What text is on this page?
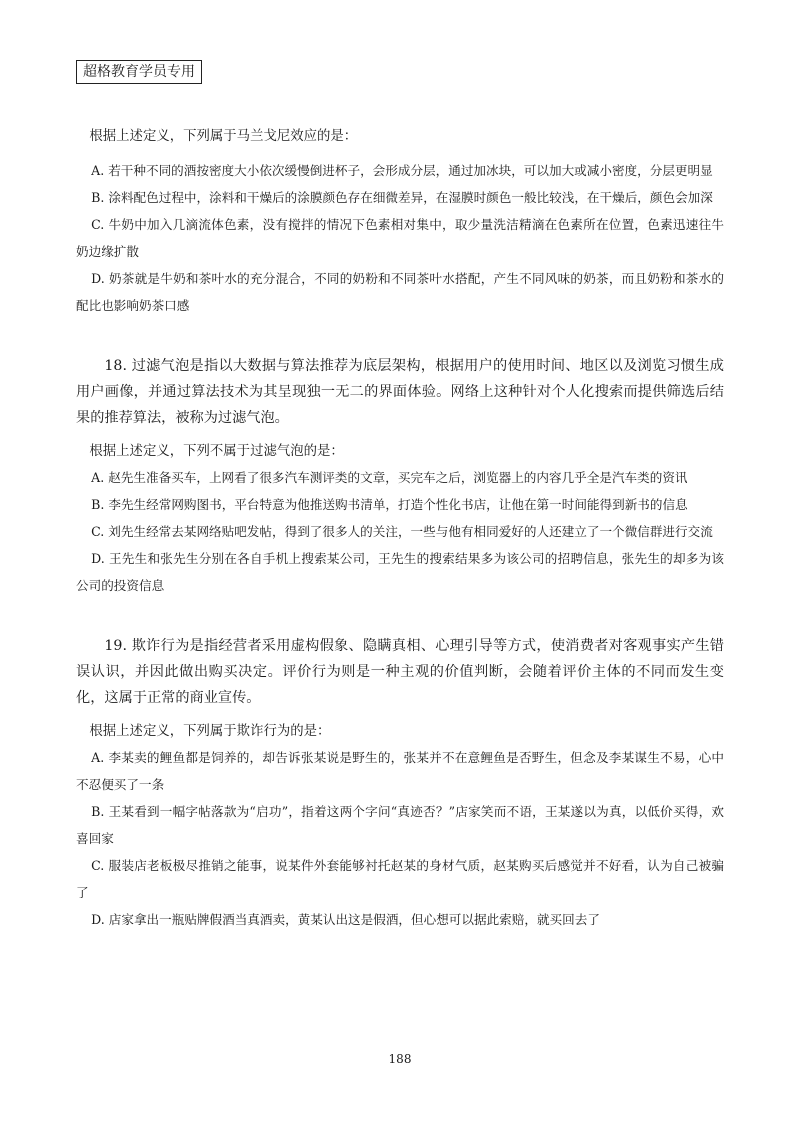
超格教育学员专用

根据上述定义，下列属于马兰戈尼效应的是：

A. 若干种不同的酒按密度大小依次缓慢倒进杯子，会形成分层，通过加冰块，可以加大或减小密度，分层更明显

B. 涂料配色过程中，涂料和干燥后的涂膜颜色存在细微差异，在湿膜时颜色一般比较浅，在干燥后，颜色会加深

C. 牛奶中加入几滴流体色素，没有搅拌的情况下色素相对集中，取少量洗洁精滴在色素所在位置，色素迅速往牛奶边缘扩散

D. 奶茶就是牛奶和茶叶水的充分混合，不同的奶粉和不同茶叶水搭配，产生不同风味的奶茶，而且奶粉和茶水的配比也影响奶茶口感

18. 过滤气泡是指以大数据与算法推荐为底层架构，根据用户的使用时间、地区以及浏览习惯生成用户画像，并通过算法技术为其呈现独一无二的界面体验。网络上这种针对个人化搜索而提供筛选后结果的推荐算法，被称为过滤气泡。

根据上述定义，下列不属于过滤气泡的是：

A. 赵先生准备买车，上网看了很多汽车测评类的文章，买完车之后，浏览器上的内容几乎全是汽车类的资讯

B. 李先生经常网购图书，平台特意为他推送购书清单，打造个性化书店，让他在第一时间能得到新书的信息

C. 刘先生经常去某网络贴吧发帖，得到了很多人的关注，一些与他有相同爱好的人还建立了一个微信群进行交流

D. 王先生和张先生分别在各自手机上搜索某公司，王先生的搜索结果多为该公司的招聘信息，张先生的却多为该公司的投资信息

19. 欺诈行为是指经营者采用虚构假象、隐瞒真相、心理引导等方式，使消费者对客观事实产生错误认识，并因此做出购买决定。评价行为则是一种主观的价值判断，会随着评价主体的不同而发生变化，这属于正常的商业宣传。

根据上述定义，下列属于欺诈行为的是：

A. 李某卖的鲤鱼都是饲养的，却告诉张某说是野生的，张某并不在意鲤鱼是否野生，但念及李某谋生不易，心中不忍便买了一条

B. 王某看到一幅字帖落款为“启功”，指着这两个字问“真迹否？”店家笑而不语，王某遂以为真，以低价买得，欢喜回家

C. 服装店老板极尽推销之能事，说某件外套能够衬托赵某的身材气质，赵某购买后感觉并不好看，认为自己被骗了

D. 店家拿出一瓶贴牌假酒当真酒卖，黄某认出这是假酒，但心想可以据此索赔，就买回去了

188
